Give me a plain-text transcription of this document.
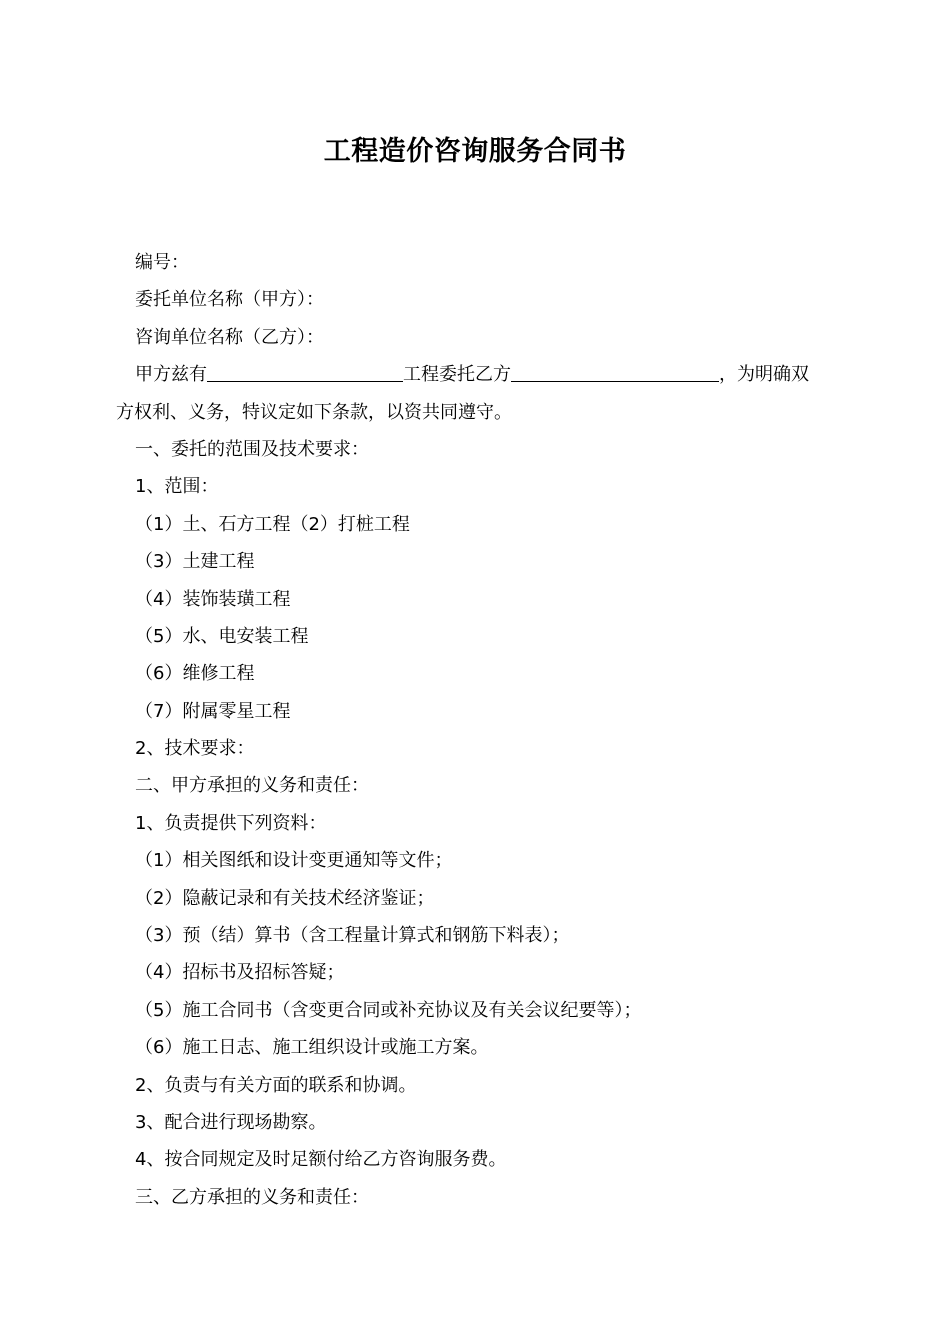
工程造价咨询服务合同书
编号：
委托单位名称（甲方）：
咨询单位名称（乙方）：
甲方兹有	工程委托乙方	，为明确双
方权利、义务，特议定如下条款，以资共同遵守。
一、委托的范围及技术要求：
1、范围：
（1）土、石方工程（2）打桩工程
（3）土建工程
（4）装饰装璜工程
（5）水、电安装工程
（6）维修工程
（7）附属零星工程
2、技术要求：
二、甲方承担的义务和责任：
1、负责提供下列资料：
（1）相关图纸和设计变更通知等文件；
（2）隐蔽记录和有关技术经济鉴证；
（3）预（结）算书（含工程量计算式和钢筋下料表）；
（4）招标书及招标答疑；
（5）施工合同书（含变更合同或补充协议及有关会议纪要等）；
（6）施工日志、施工组织设计或施工方案。
2、负责与有关方面的联系和协调。
3、配合进行现场勘察。
4、按合同规定及时足额付给乙方咨询服务费。
三、乙方承担的义务和责任：
